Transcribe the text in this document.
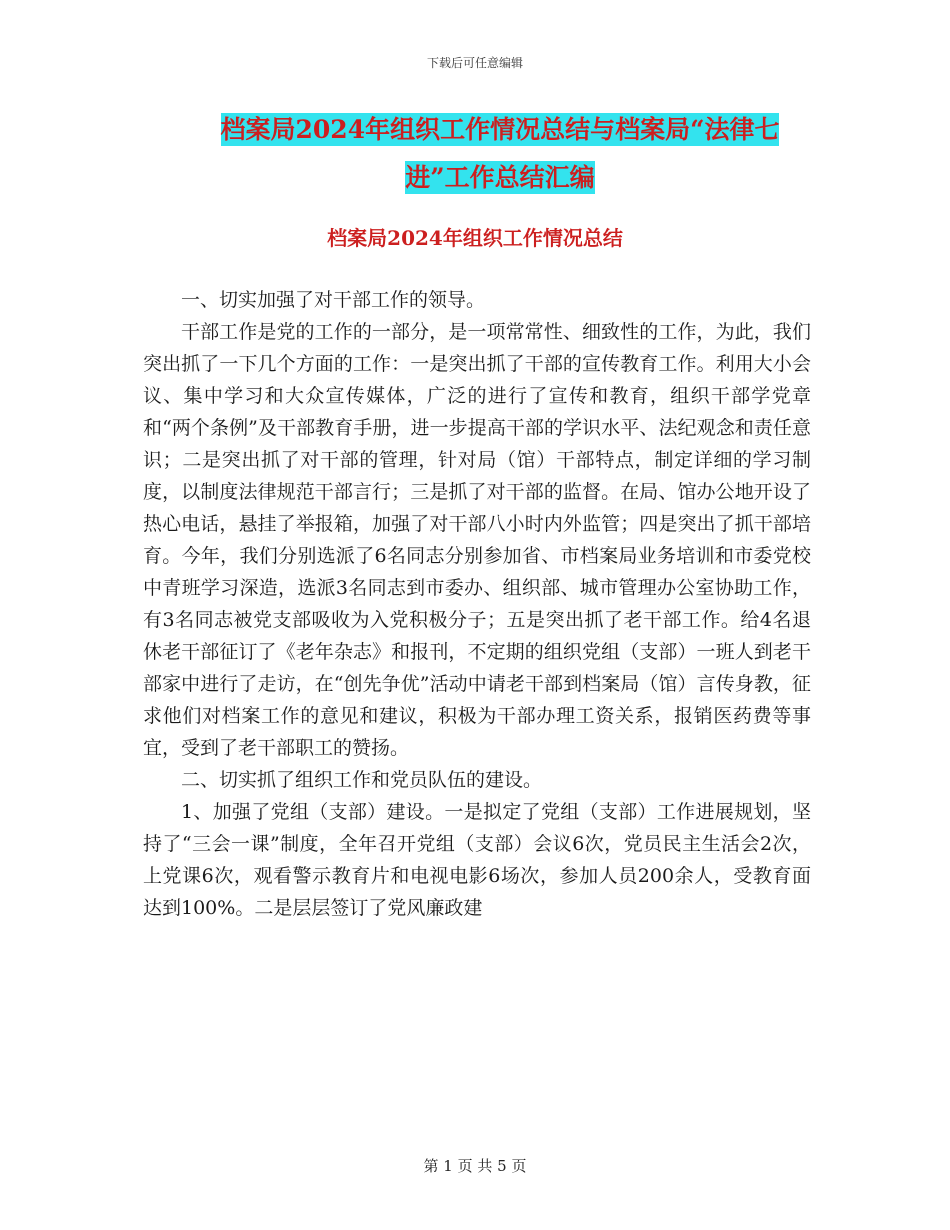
下载后可任意编辑
档案局2024年组织工作情况总结与档案局“法律七
进”工作总结汇编
档案局2024年组织工作情况总结

一、切实加强了对干部工作的领导。

干部工作是党的工作的一部分，是一项常常性、细致性的工作，为此，我们突出抓了一下几个方面的工作：一是突出抓了干部的宣传教育工作。利用大小会议、集中学习和大众宣传媒体，广泛的进行了宣传和教育，组织干部学党章和“两个条例”及干部教育手册，进一步提高干部的学识水平、法纪观念和责任意识；二是突出抓了对干部的管理，针对局（馆）干部特点，制定详细的学习制度，以制度法律规范干部言行；三是抓了对干部的监督。在局、馆办公地开设了热心电话，悬挂了举报箱，加强了对干部八小时内外监管；四是突出了抓干部培育。今年，我们分别选派了6名同志分别参加省、市档案局业务培训和市委党校中青班学习深造，选派3名同志到市委办、组织部、城市管理办公室协助工作，有3名同志被党支部吸收为入党积极分子；五是突出抓了老干部工作。给4名退休老干部征订了《老年杂志》和报刊，不定期的组织党组（支部）一班人到老干部家中进行了走访，在“创先争优”活动中请老干部到档案局（馆）言传身教，征求他们对档案工作的意见和建议，积极为干部办理工资关系，报销医药费等事宜，受到了老干部职工的赞扬。

二、切实抓了组织工作和党员队伍的建设。

1、加强了党组（支部）建设。一是拟定了党组（支部）工作进展规划，坚持了“三会一课”制度，全年召开党组（支部）会议6次，党员民主生活会2次，上党课6次，观看警示教育片和电视电影6场次，参加人员200余人，受教育面达到100%。二是层层签订了党风廉政建

第 1 页 共 5 页
